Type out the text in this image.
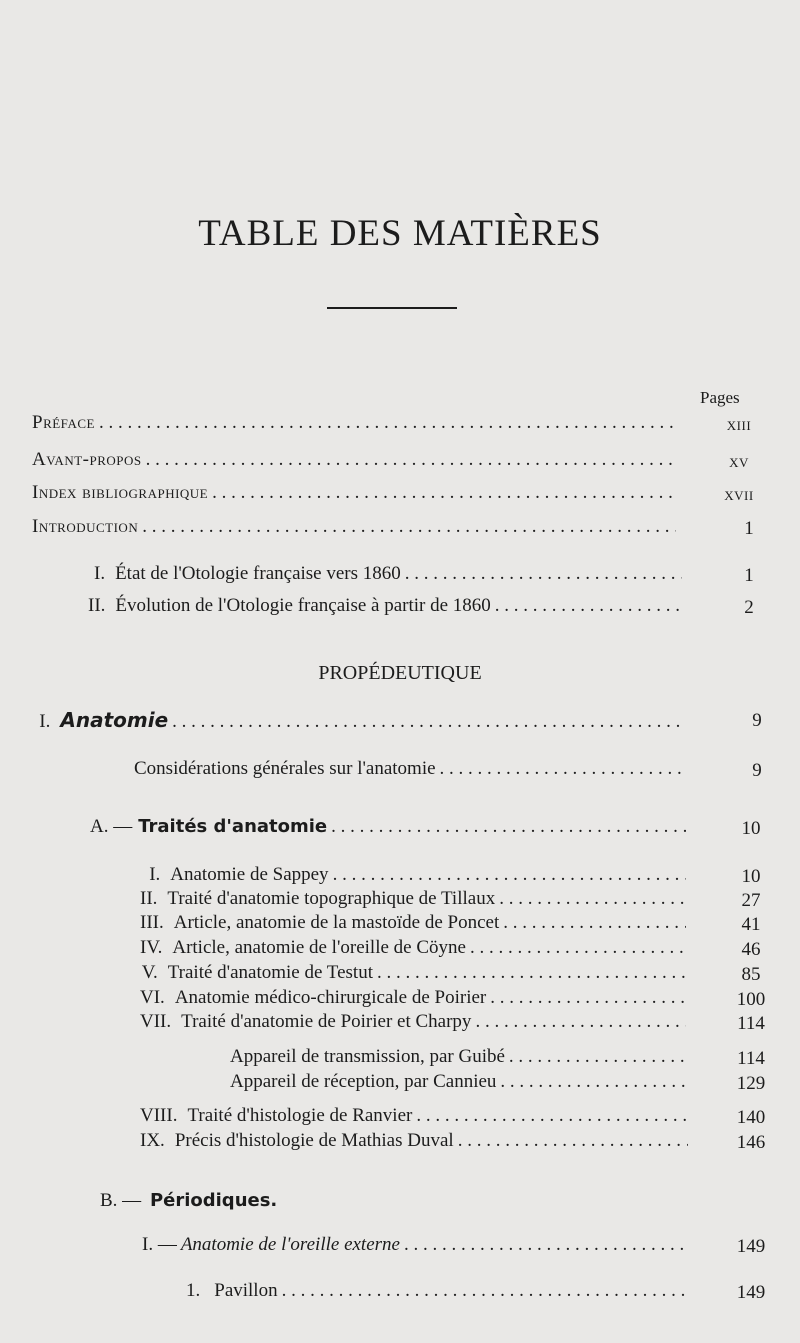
TABLE DES MATIÈRES
Pages
Préface . . .	xiii
Avant-propos . . .	xv
Index bibliographique . . .	xvii
Introduction . . .	1
I. État de l'Otologie française vers 1860 . . .	1
II. Évolution de l'Otologie française à partir de 1860 . . .	2
PROPÉDEUTIQUE
I. Anatomie . . .	9
Considérations générales sur l'anatomie . . .	9
A. — Traités d'anatomie . . .	10
I. Anatomie de Sappey . . .	10
II. Traité d'anatomie topographique de Tillaux . . .	27
III. Article, anatomie de la mastoïde de Poncet . . .	41
IV. Article, anatomie de l'oreille de Cöyne . . .	46
V. Traité d'anatomie de Testut . . .	85
VI. Anatomie médico-chirurgicale de Poirier . . .	100
VII. Traité d'anatomie de Poirier et Charpy . . .	114
Appareil de transmission, par Guibé . . .	114
Appareil de réception, par Cannieu . . .	129
VIII. Traité d'histologie de Ranvier . . .	140
IX. Précis d'histologie de Mathias Duval . . .	146
B. — Périodiques.
I. — Anatomie de l'oreille externe . . .	149
1. Pavillon . . .	149
